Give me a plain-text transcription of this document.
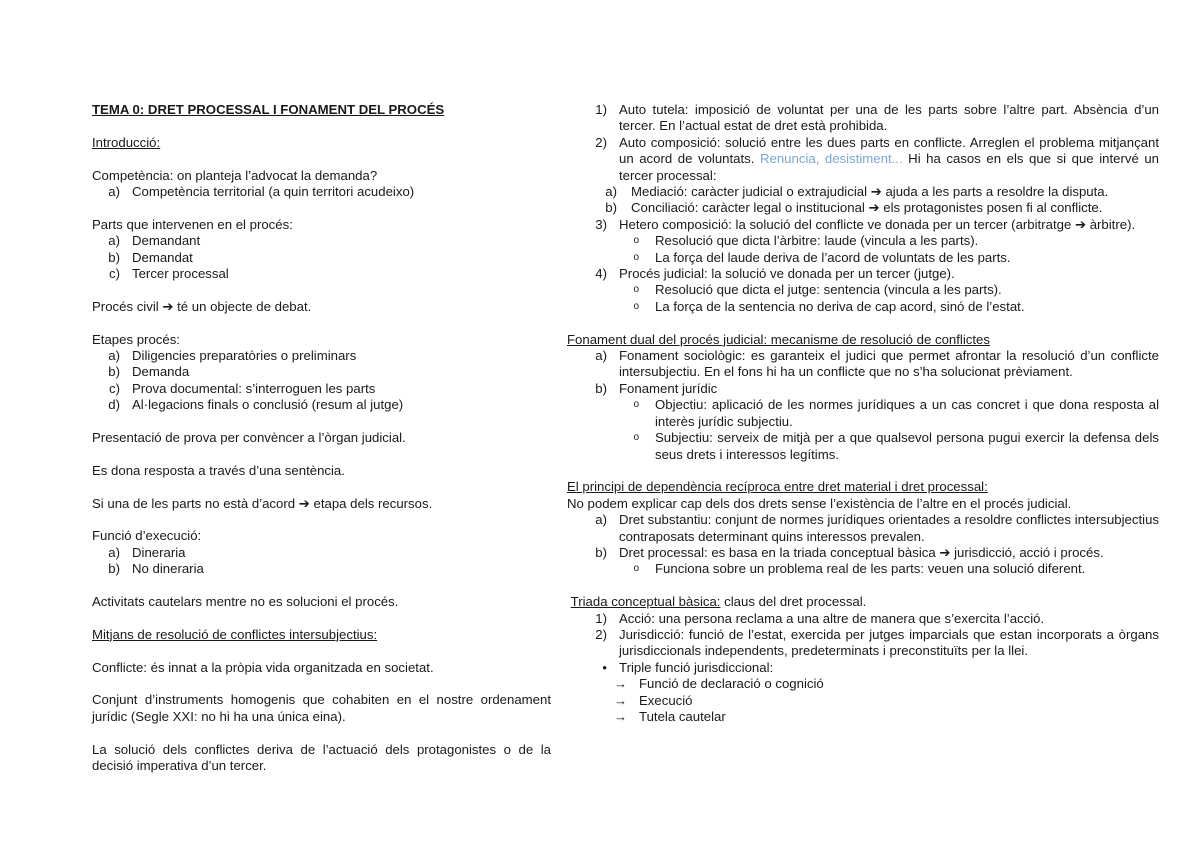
TEMA 0: DRET PROCESSAL I FONAMENT DEL PROCÉS

Introducció:

Competència: on planteja l’advocat la demanda?

a) Competència territorial (a quin territori acudeixo)

Parts que intervenen en el procés:

a) Demandant
b) Demandat
c) Tercer processal

Procés civil ➔ té un objecte de debat.

Etapes procés:

a) Diligencies preparatòries o preliminars
b) Demanda
c) Prova documental: s’interroguen les parts
d) Al·legacions finals o conclusió (resum al jutge)

Presentació de prova per convèncer a l’òrgan judicial.

Es dona resposta a través d’una sentència.

Si una de les parts no està d’acord ➔ etapa dels recursos.

Funció d’execució:

a) Dineraria
b) No dineraria

Activitats cautelars mentre no es solucioni el procés.

Mitjans de resolució de conflictes intersubjectius:

Conflicte: és innat a la pròpia vida organitzada en societat.

Conjunt d’instruments homogenis que cohabiten en el nostre ordenament jurídic (Segle XXI: no hi ha una única eina).

La solució dels conflictes deriva de l’actuació dels protagonistes o de la decisió imperativa d’un tercer.

1) Auto tutela: imposició de voluntat per una de les parts sobre l’altre part. Absència d’un tercer. En l’actual estat de dret està prohibida.
2) Auto composició: solució entre les dues parts en conflicte. Arreglen el problema mitjançant un acord de voluntats. Renuncia, desistiment... Hi ha casos en els que si que intervé un tercer processal:
a)	Mediació: caràcter judicial o extrajudicial ➔ ajuda a les parts a resoldre la disputa.
b)	Conciliació: caràcter legal o institucional ➔ els protagonistes posen fi al conflicte.
3) Hetero composició: la solució del conflicte ve donada per un tercer (arbitratge ➔ àrbitre).
o	Resolució que dicta l’àrbitre: laude (vincula a les parts).
o	La força del laude deriva de l’acord de voluntats de les parts.
4) Procés judicial: la solució ve donada per un tercer (jutge).
o	Resolució que dicta el jutge: sentencia (vincula a les parts).
o	La força de la sentencia no deriva de cap acord, sinó de l’estat.

Fonament dual del procés judicial: mecanisme de resolució de conflictes

a) Fonament sociològic: es garanteix el judici que permet afrontar la resolució d’un conflicte intersubjectiu. En el fons hi ha un conflicte que no s’ha solucionat prèviament.
b) Fonament jurídic
o	Objectiu: aplicació de les normes jurídiques a un cas concret i que dona resposta al interès jurídic subjectiu.
o	Subjectiu: serveix de mitjà per a que qualsevol persona pugui exercir la defensa dels seus drets i interessos legítims.

El principi de dependència recíproca entre dret material i dret processal:

No podem explicar cap dels dos drets sense l’existència de l’altre en el procés judicial.

a) Dret substantiu: conjunt de normes jurídiques orientades a resoldre conflictes intersubjectius contraposats determinant quins interessos prevalen.
b) Dret processal: es basa en la triada conceptual bàsica ➔ jurisdicció, acció i procés.
o	Funciona sobre un problema real de les parts: veuen una solució diferent.

Triada conceptual bàsica: claus del dret processal.

1) Acció: una persona reclama a una altre de manera que s’exercita l’acció.
2) Jurisdicció: funció de l’estat, exercida per jutges imparcials que estan incorporats a òrgans jurisdiccionals independents, predeterminats i preconstituïts per la llei.
• Triple funció jurisdiccional:
→ Funció de declaració o cognició
→ Execució
→ Tutela cautelar
